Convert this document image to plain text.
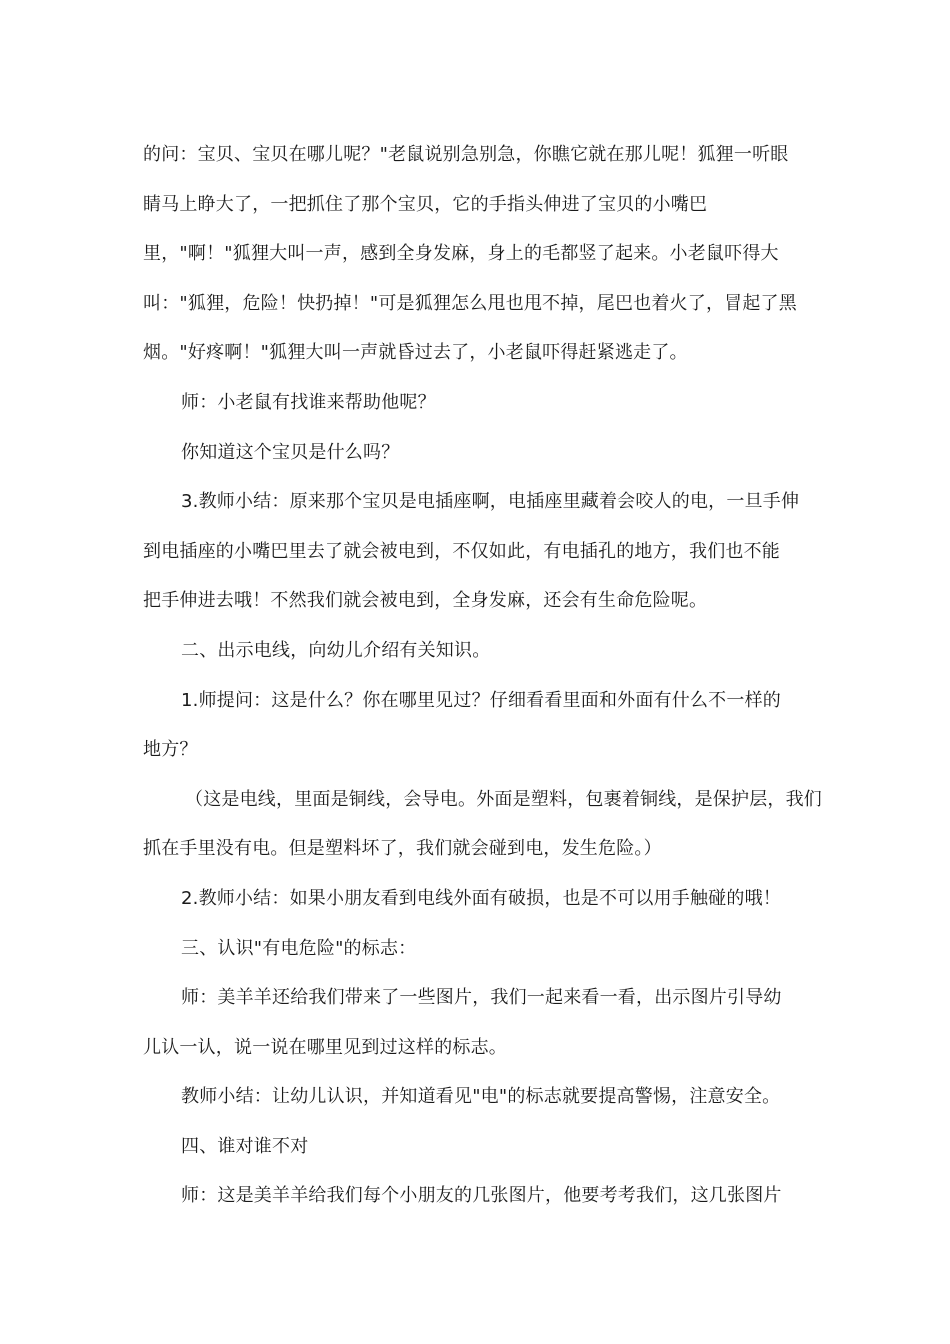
的问：宝贝、宝贝在哪儿呢？"老鼠说别急别急，你瞧它就在那儿呢！狐狸一听眼

睛马上睁大了，一把抓住了那个宝贝，它的手指头伸进了宝贝的小嘴巴

里，"啊！"狐狸大叫一声，感到全身发麻，身上的毛都竖了起来。小老鼠吓得大

叫："狐狸，危险！快扔掉！"可是狐狸怎么甩也甩不掉，尾巴也着火了，冒起了黑

烟。"好疼啊！"狐狸大叫一声就昏过去了，小老鼠吓得赶紧逃走了。

师：小老鼠有找谁来帮助他呢？

你知道这个宝贝是什么吗？

3.教师小结：原来那个宝贝是电插座啊，电插座里藏着会咬人的电，一旦手伸

到电插座的小嘴巴里去了就会被电到，不仅如此，有电插孔的地方，我们也不能

把手伸进去哦！不然我们就会被电到，全身发麻，还会有生命危险呢。

二、出示电线，向幼儿介绍有关知识。

1.师提问：这是什么？你在哪里见过？仔细看看里面和外面有什么不一样的

地方？

（这是电线，里面是铜线，会导电。外面是塑料，包裹着铜线，是保护层，我们

抓在手里没有电。但是塑料坏了，我们就会碰到电，发生危险。）

2.教师小结：如果小朋友看到电线外面有破损，也是不可以用手触碰的哦！

三、认识"有电危险"的标志：

师：美羊羊还给我们带来了一些图片，我们一起来看一看，出示图片引导幼

儿认一认，说一说在哪里见到过这样的标志。

教师小结：让幼儿认识，并知道看见"电"的标志就要提高警惕，注意安全。

四、谁对谁不对

师：这是美羊羊给我们每个小朋友的几张图片，他要考考我们，这几张图片
